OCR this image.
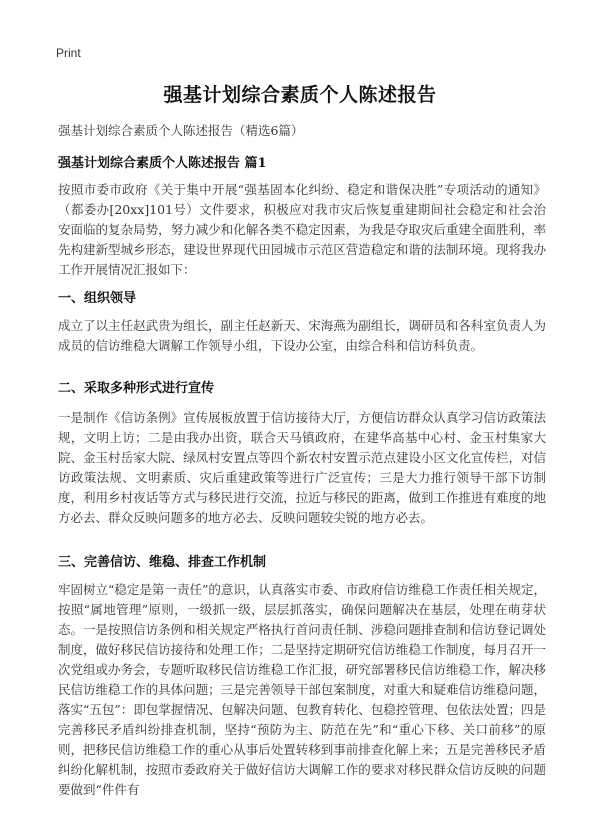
Print
强基计划综合素质个人陈述报告
强基计划综合素质个人陈述报告（精选6篇）
强基计划综合素质个人陈述报告 篇1
按照市委市政府《关于集中开展“强基固本化纠纷、稳定和谐保决胜”专项活动的通知》（都委办[20xx]101号）文件要求，积极应对我市灾后恢复重建期间社会稳定和社会治安面临的复杂局势，努力减少和化解各类不稳定因素，为我是夺取灾后重建全面胜利，率先构建新型城乡形态，建设世界现代田园城市示范区营造稳定和谐的法制环境。现将我办工作开展情况汇报如下：
一、组织领导
成立了以主任赵武贵为组长，副主任赵新天、宋海燕为副组长，调研员和各科室负责人为成员的信访维稳大调解工作领导小组，下设办公室，由综合科和信访科负责。
二、采取多种形式进行宣传
一是制作《信访条例》宣传展板放置于信访接待大厅，方便信访群众认真学习信访政策法规，文明上访；二是由我办出资，联合天马镇政府，在建华高基中心村、金玉村集家大院、金玉村岳家大院、绿凤村安置点等四个新农村安置示范点建设小区文化宣传栏，对信访政策法规、文明素质、灾后重建政策等进行广泛宣传；三是大力推行领导干部下访制度，利用乡村夜话等方式与移民进行交流，拉近与移民的距离，做到工作推进有难度的地方必去、群众反映问题多的地方必去、反映问题较尖锐的地方必去。
三、完善信访、维稳、排查工作机制
牢固树立“稳定是第一责任”的意识，认真落实市委、市政府信访维稳工作责任相关规定，按照“属地管理”原则，一级抓一级，层层抓落实，确保问题解决在基层，处理在萌芽状态。一是按照信访条例和相关规定严格执行首问责任制、涉稳问题排查制和信访登记调处制度，做好移民信访接待和处理工作；二是坚持定期研究信访维稳工作制度，每月召开一次党组或办务会，专题听取移民信访维稳工作汇报，研究部署移民信访维稳工作，解决移民信访维稳工作的具体问题；三是完善领导干部包案制度，对重大和疑难信访维稳问题，落实“五包”：即包掌握情况、包解决问题、包教育转化、包稳控管理、包依法处置；四是完善移民矛盾纠纷排查机制，坚持“预防为主、防范在先”和“重心下移、关口前移”的原则，把移民信访维稳工作的重心从事后处置转移到事前排查化解上来；五是完善移民矛盾纠纷化解机制，按照市委政府关于做好信访大调解工作的要求对移民群众信访反映的问题要做到“件件有
